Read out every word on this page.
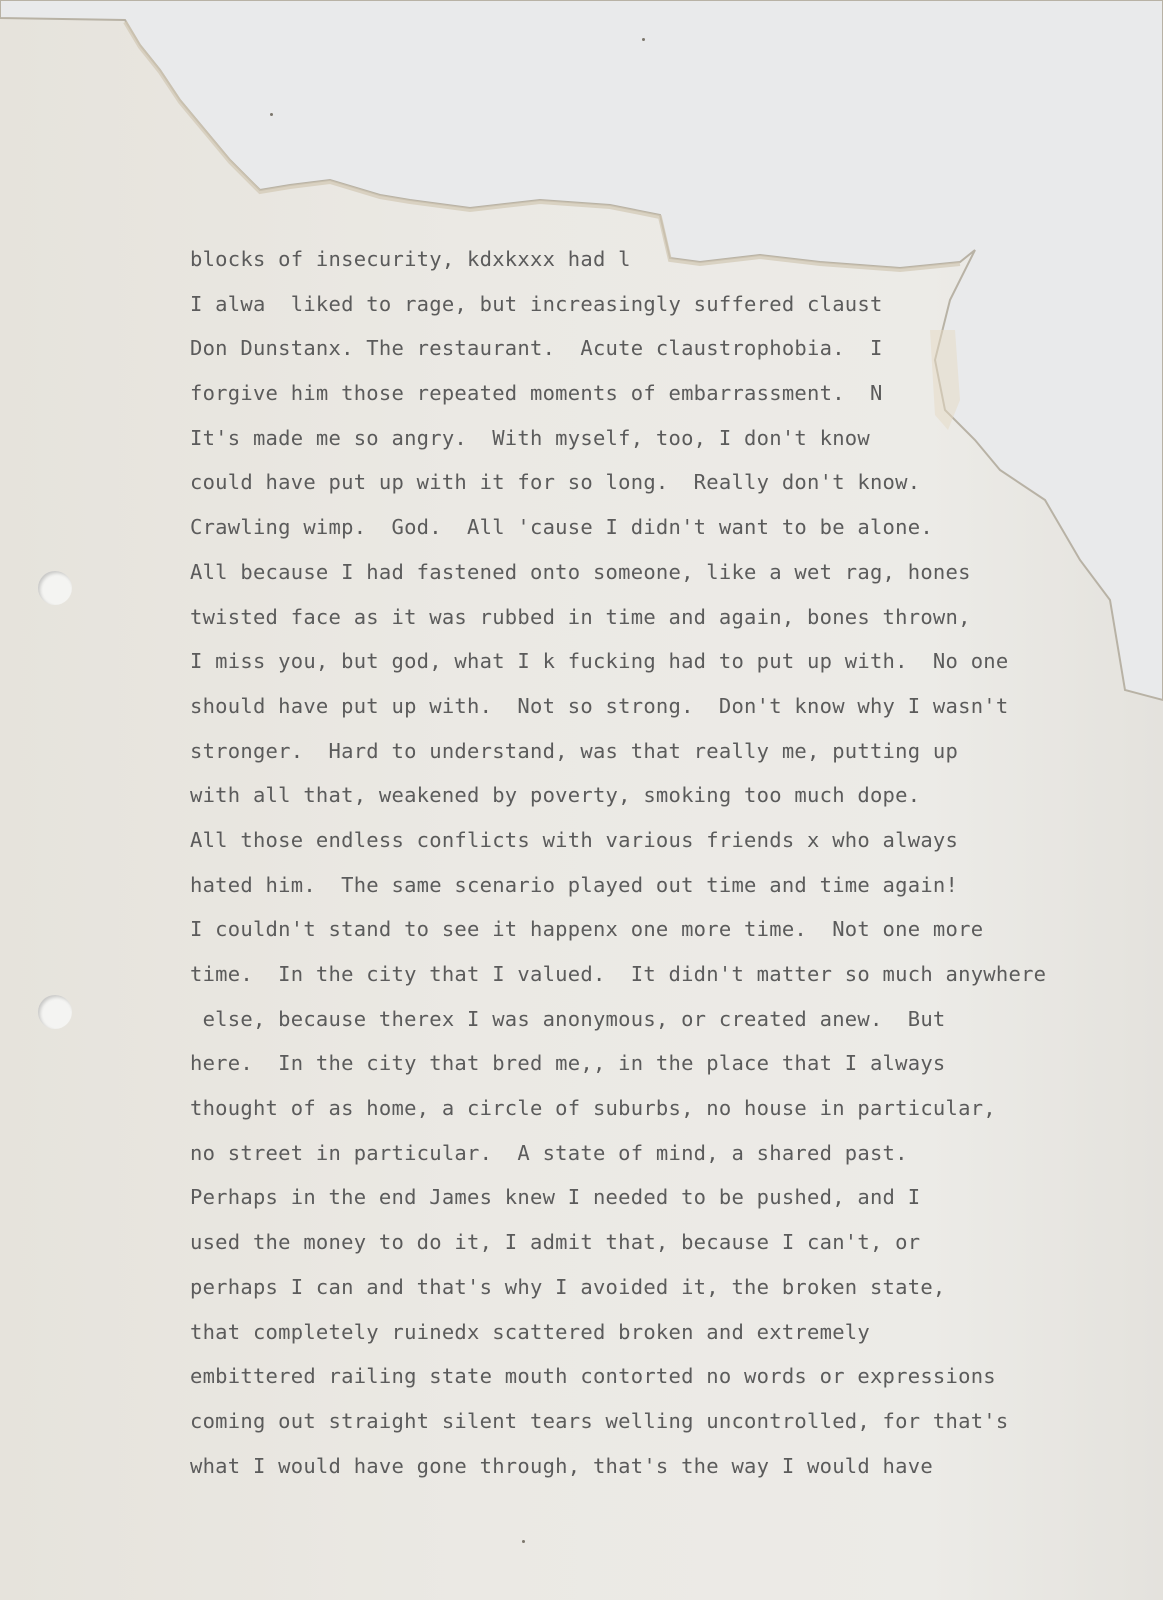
blocks of insecurity, kdxkxxx had l
I alwa  liked to rage, but increasingly suffered claust
Don Dunstanx. The restaurant.  Acute claustrophobia.  I
forgive him those repeated moments of embarrassment.  N
It's made me so angry.  With myself, too, I don't know
could have put up with it for so long.  Really don't know.
Crawling wimp.  God.  All 'cause I didn't want to be alone.
All because I had fastened onto someone, like a wet rag, hones
twisted face as it was rubbed in time and again, bones thrown,
I miss you, but god, what I k fucking had to put up with.  No one
should have put up with.  Not so strong.  Don't know why I wasn't
stronger.  Hard to understand, was that really me, putting up
with all that, weakened by poverty, smoking too much dope.
All those endless conflicts with various friends x who always
hated him.  The same scenario played out time and time again!
I couldn't stand to see it happenx one more time.  Not one more
time.  In the city that I valued.  It didn't matter so much anywhere
else, because therex I was anonymous, or created anew.  But
here.  In the city that bred me,, in the place that I always
thought of as home, a circle of suburbs, no house in particular,
no street in particular.  A state of mind, a shared past.
Perhaps in the end James knew I needed to be pushed, and I
used the money to do it, I admit that, because I can't, or
perhaps I can and that's why I avoided it, the broken state,
that completely ruinedx scattered broken and extremely
embittered railing state mouth contorted no words or expressions
coming out straight silent tears welling uncontrolled, for that's
what I would have gone through, that's the way I would have
